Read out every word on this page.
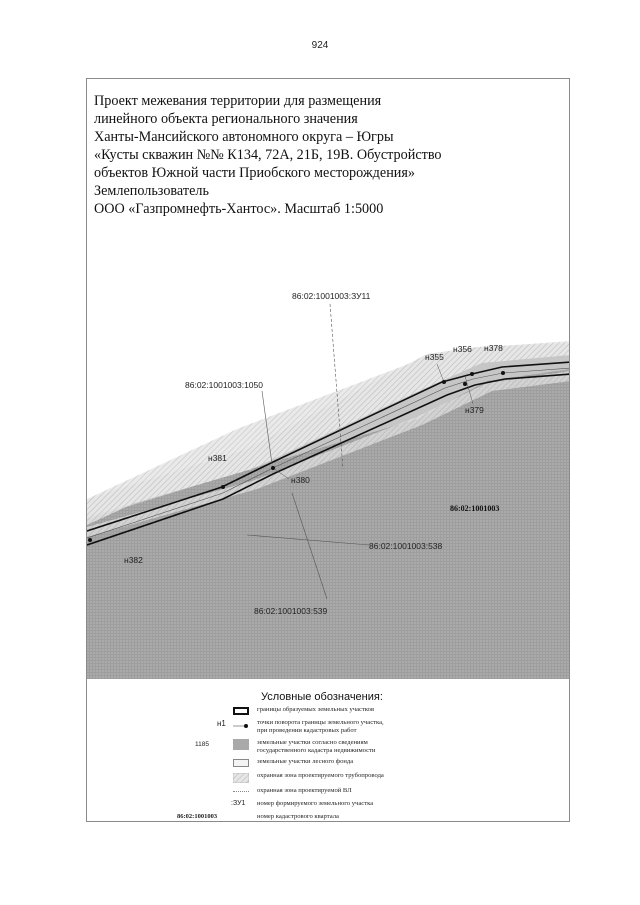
924
86:02:1001003:ЗУ11
86:02:1001003:1050
86:02:1001003:538
86:02:1001003:539
86:02:1001003
н355
н356 н378
н379
н380
н381
н382
Проект межевания территории для размещения
линейного объекта регионального значения
Ханты-Мансийского автономного округа – Югры
«Кусты скважин №№ К134, 72А, 21Б, 19В. Обустройство
объектов Южной части Приобского месторождения»
Землепользователь
ООО «Газпромнефть-Хантос». Масштаб 1:5000
Условные обозначения:
границы образуемых земельных участков
н1	точки поворота границы земельного участка,
при проведении кадастровых работ
1185	земельные участки согласно сведениям
государственного кадастра недвижимости
земельные участки лесного фонда
охранная зона проектируемого трубопровода
охранная зона проектируемой ВЛ
:ЗУ1 номер формируемого земельного участка
86:02:1001003	номер кадастрового квартала
